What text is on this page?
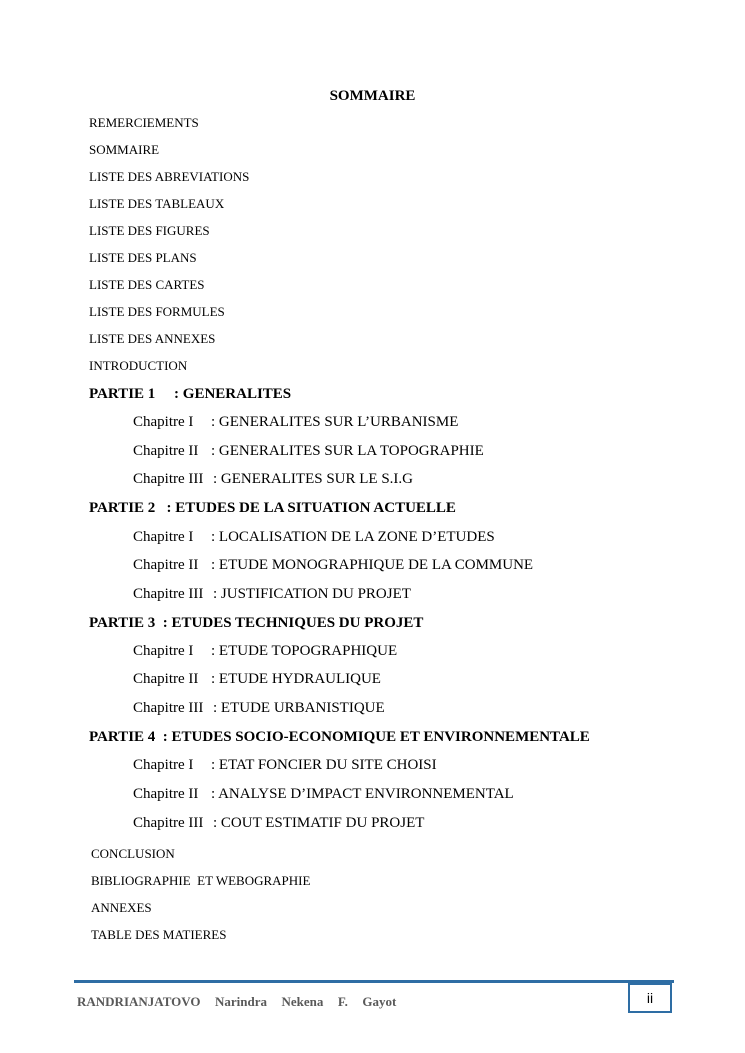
SOMMAIRE
REMERCIEMENTS
SOMMAIRE
LISTE DES ABREVIATIONS
LISTE DES TABLEAUX
LISTE DES FIGURES
LISTE DES PLANS
LISTE DES CARTES
LISTE DES FORMULES
LISTE DES ANNEXES
INTRODUCTION
PARTIE 1     : GENERALITES
Chapitre I : GENERALITES SUR L’URBANISME
Chapitre II : GENERALITES SUR LA TOPOGRAPHIE
Chapitre III : GENERALITES SUR LE S.I.G
PARTIE 2   : ETUDES DE LA SITUATION ACTUELLE
Chapitre I : LOCALISATION DE LA ZONE D’ETUDES
Chapitre II : ETUDE MONOGRAPHIQUE DE LA COMMUNE
Chapitre III : JUSTIFICATION DU PROJET
PARTIE 3  : ETUDES TECHNIQUES DU PROJET
Chapitre I : ETUDE TOPOGRAPHIQUE
Chapitre II : ETUDE HYDRAULIQUE
Chapitre III : ETUDE URBANISTIQUE
PARTIE 4  : ETUDES SOCIO-ECONOMIQUE ET ENVIRONNEMENTALE
Chapitre I : ETAT FONCIER DU SITE CHOISI
Chapitre II : ANALYSE D’IMPACT ENVIRONNEMENTAL
Chapitre III : COUT ESTIMATIF DU PROJET
CONCLUSION
BIBLIOGRAPHIE  ET WEBOGRAPHIE
ANNEXES
TABLE DES MATIERES
RANDRIANJATOVO  Narindra  Nekena  F.  Gayot	ii
